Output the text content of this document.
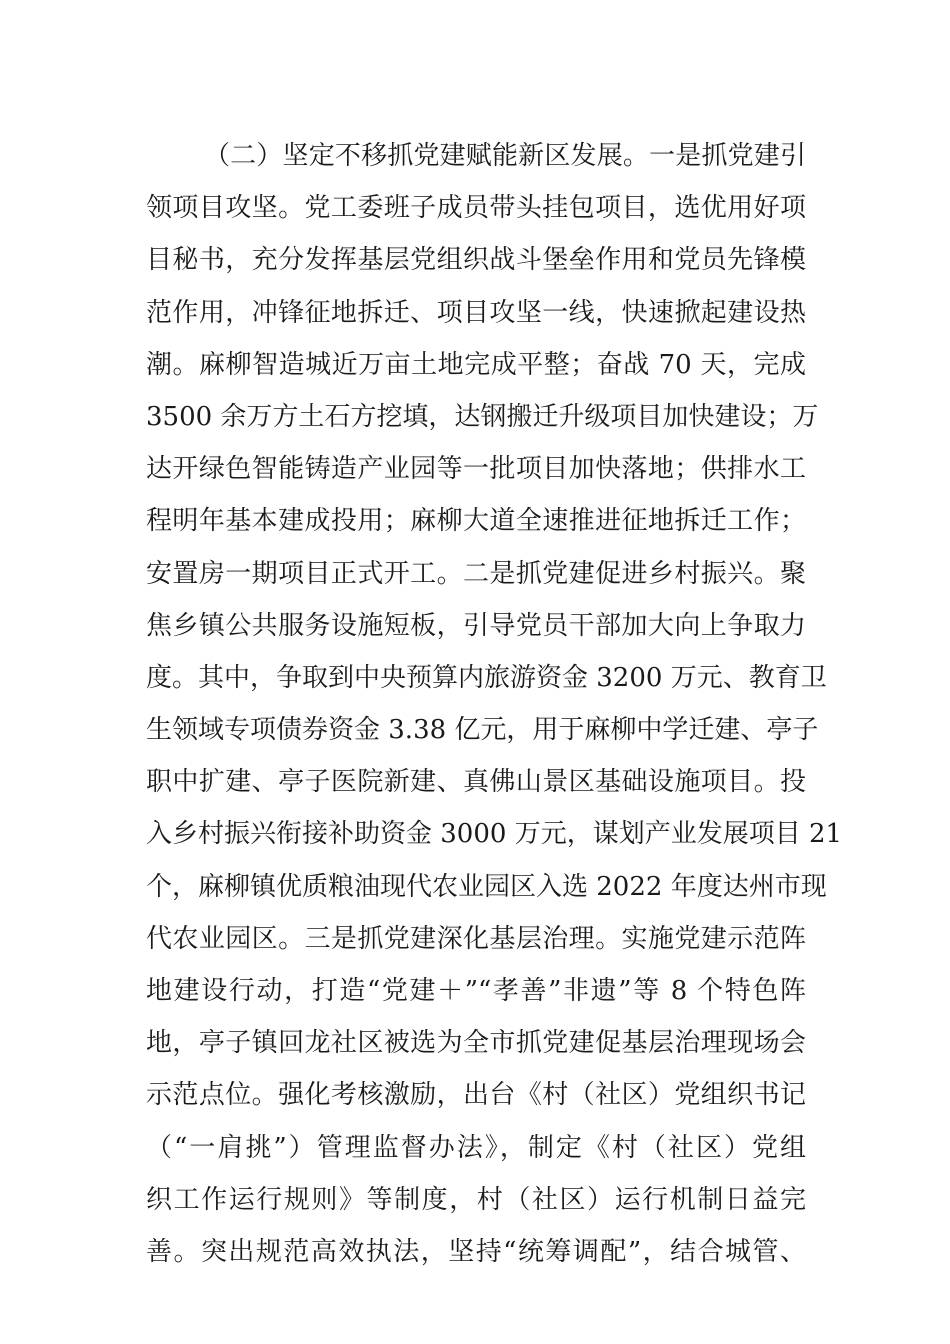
（二）坚定不移抓党建赋能新区发展。一是抓党建引
领项目攻坚。党工委班子成员带头挂包项目，选优用好项
目秘书，充分发挥基层党组织战斗堡垒作用和党员先锋模
范作用，冲锋征地拆迁、项目攻坚一线，快速掀起建设热
潮。麻柳智造城近万亩土地完成平整；奋战 70 天，完成
3500 余万方土石方挖填，达钢搬迁升级项目加快建设；万
达开绿色智能铸造产业园等一批项目加快落地；供排水工
程明年基本建成投用；麻柳大道全速推进征地拆迁工作；
安置房一期项目正式开工。二是抓党建促进乡村振兴。聚
焦乡镇公共服务设施短板，引导党员干部加大向上争取力
度。其中，争取到中央预算内旅游资金 3200 万元、教育卫
生领域专项债券资金 3.38 亿元，用于麻柳中学迁建、亭子
职中扩建、亭子医院新建、真佛山景区基础设施项目。投
入乡村振兴衔接补助资金 3000 万元，谋划产业发展项目 21
个，麻柳镇优质粮油现代农业园区入选 2022 年度达州市现
代农业园区。三是抓党建深化基层治理。实施党建示范阵
地建设行动，打造“党建＋”“孝善”非遗”等 8 个特色阵
地，亭子镇回龙社区被选为全市抓党建促基层治理现场会
示范点位。强化考核激励，出台《村（社区）党组织书记
（“一肩挑”）管理监督办法》，制定《村（社区）党组
织工作运行规则》等制度，村（社区）运行机制日益完
善。突出规范高效执法，坚持“统筹调配”，结合城管、
